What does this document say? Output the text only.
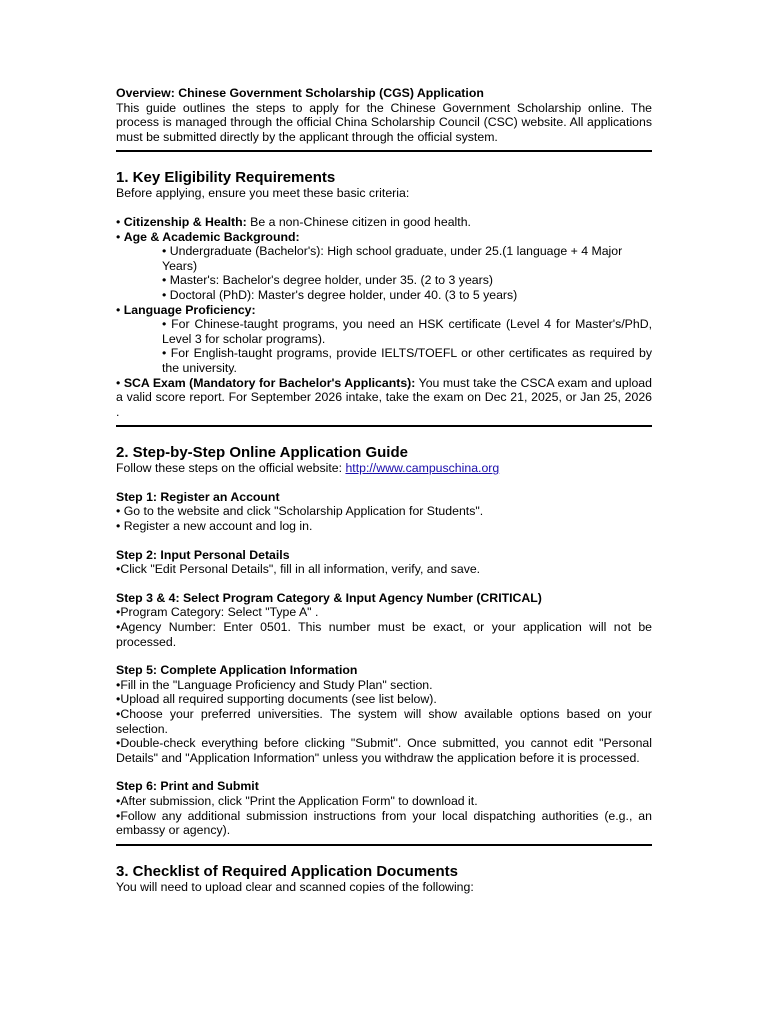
Overview: Chinese Government Scholarship (CGS) Application

This guide outlines the steps to apply for the Chinese Government Scholarship online. The process is managed through the official China Scholarship Council (CSC) website. All applications must be submitted directly by the applicant through the official system.

1. Key Eligibility Requirements

Before applying, ensure you meet these basic criteria:

• Citizenship & Health: Be a non-Chinese citizen in good health.

• Age & Academic Background:

• Undergraduate (Bachelor's): High school graduate, under 25.(1 language + 4 Major Years)

• Master's: Bachelor's degree holder, under 35. (2 to 3 years)

• Doctoral (PhD): Master's degree holder, under 40. (3 to 5 years)

• Language Proficiency:

• For Chinese-taught programs, you need an HSK certificate (Level 4 for Master's/PhD, Level 3 for scholar programs).

• For English-taught programs, provide IELTS/TOEFL or other certificates as required by the university.

• SCA Exam (Mandatory for Bachelor's Applicants): You must take the CSCA exam and upload a valid score report. For September 2026 intake, take the exam on Dec 21, 2025, or Jan 25, 2026 .

2. Step-by-Step Online Application Guide

Follow these steps on the official website: http://www.campuschina.org

Step 1: Register an Account

• Go to the website and click "Scholarship Application for Students".

• Register a new account and log in.

Step 2: Input Personal Details

•Click "Edit Personal Details", fill in all information, verify, and save.

Step 3 & 4: Select Program Category & Input Agency Number (CRITICAL)

•Program Category: Select "Type A" .

•Agency Number: Enter 0501. This number must be exact, or your application will not be processed.

Step 5: Complete Application Information

•Fill in the "Language Proficiency and Study Plan" section.

•Upload all required supporting documents (see list below).

•Choose your preferred universities. The system will show available options based on your selection.

•Double-check everything before clicking "Submit". Once submitted, you cannot edit "Personal Details" and "Application Information" unless you withdraw the application before it is processed.

Step 6: Print and Submit

•After submission, click "Print the Application Form" to download it.

•Follow any additional submission instructions from your local dispatching authorities (e.g., an embassy or agency).

3. Checklist of Required Application Documents

You will need to upload clear and scanned copies of the following:
